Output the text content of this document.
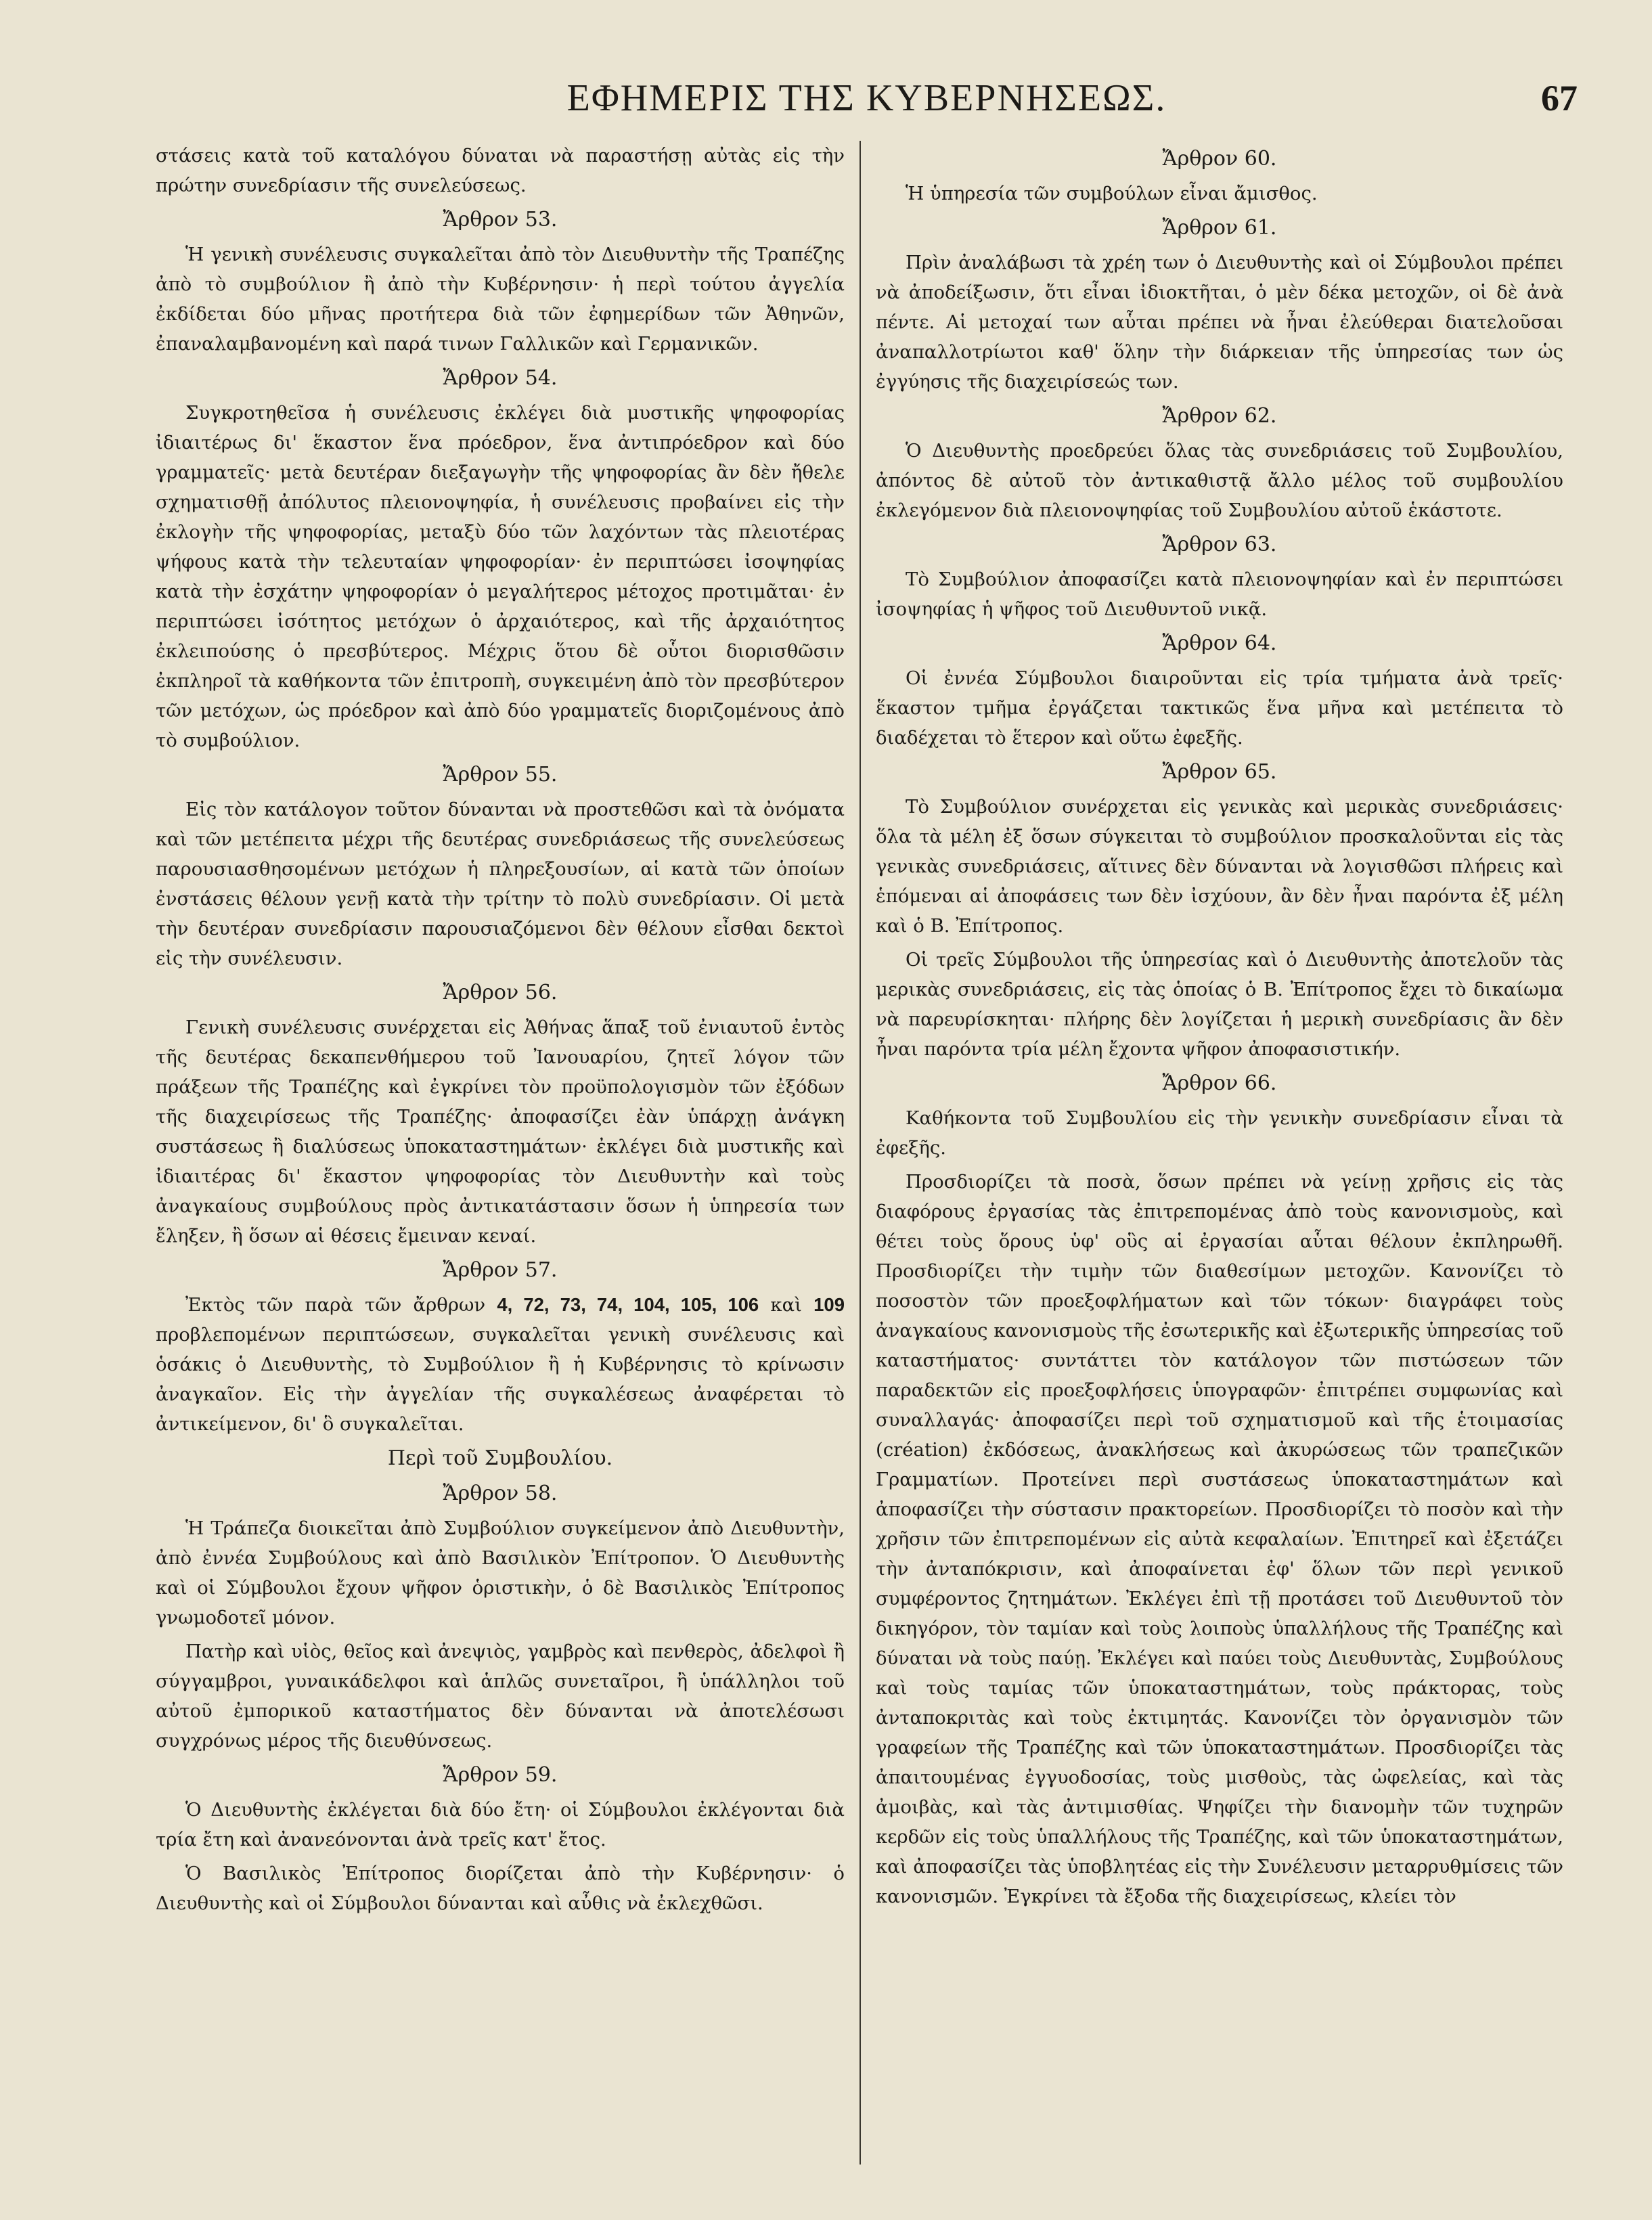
ΕΦΗΜΕΡΙΣ ΤΗΣ ΚΥΒΕΡΝΗΣΕΩΣ.	67

στάσεις κατὰ τοῦ καταλόγου δύναται νὰ παραστήσῃ αὐτὰς εἰς τὴν πρώτην συνεδρίασιν τῆς συνελεύσεως.

Ἄρθρον 53.

Ἡ γενικὴ συνέλευσις συγκαλεῖται ἀπὸ τὸν Διευθυντὴν τῆς Τραπέζης ἀπὸ τὸ συμβούλιον ἢ ἀπὸ τὴν Κυβέρνησιν· ἡ περὶ τούτου ἀγγελία ἐκδίδεται δύο μῆνας προτήτερα διὰ τῶν ἐφημερίδων τῶν Ἀθηνῶν, ἐπαναλαμβανομένη καὶ παρά τινων Γαλλικῶν καὶ Γερμανικῶν.

Ἄρθρον 54.

Συγκροτηθεῖσα ἡ συνέλευσις ἐκλέγει διὰ μυστικῆς ψηφοφορίας ἰδιαιτέρως δι' ἕκαστον ἕνα πρόεδρον, ἕνα ἀντιπρόεδρον καὶ δύο γραμματεῖς· μετὰ δευτέραν διεξαγωγὴν τῆς ψηφοφορίας ἂν δὲν ἤθελε σχηματισθῇ ἀπόλυτος πλειονοψηφία, ἡ συνέλευσις προβαίνει εἰς τὴν ἐκλογὴν τῆς ψηφοφορίας, μεταξὺ δύο τῶν λαχόντων τὰς πλειοτέρας ψήφους κατὰ τὴν τελευταίαν ψηφοφορίαν· ἐν περιπτώσει ἰσοψηφίας κατὰ τὴν ἐσχάτην ψηφοφορίαν ὁ μεγαλήτερος μέτοχος προτιμᾶται· ἐν περιπτώσει ἰσότητος μετόχων ὁ ἀρχαιότερος, καὶ τῆς ἀρχαιότητος ἐκλειπούσης ὁ πρεσβύτερος. Μέχρις ὅτου δὲ οὗτοι διορισθῶσιν ἐκπληροῖ τὰ καθήκοντα τῶν ἐπιτροπὴ, συγκειμένη ἀπὸ τὸν πρεσβύτερον τῶν μετόχων, ὡς πρόεδρον καὶ ἀπὸ δύο γραμματεῖς διοριζομένους ἀπὸ τὸ συμβούλιον.

Ἄρθρον 55.

Εἰς τὸν κατάλογον τοῦτον δύνανται νὰ προστεθῶσι καὶ τὰ ὀνόματα καὶ τῶν μετέπειτα μέχρι τῆς δευτέρας συνεδριάσεως τῆς συνελεύσεως παρουσιασθησομένων μετόχων ἡ πληρεξουσίων, αἱ κατὰ τῶν ὁποίων ἐνστάσεις θέλουν γενῇ κατὰ τὴν τρίτην τὸ πολὺ συνεδρίασιν. Οἱ μετὰ τὴν δευτέραν συνεδρίασιν παρουσιαζόμενοι δὲν θέλουν εἶσθαι δεκτοὶ εἰς τὴν συνέλευσιν.

Ἄρθρον 56.

Γενικὴ συνέλευσις συνέρχεται εἰς Ἀθήνας ἅπαξ τοῦ ἐνιαυτοῦ ἐντὸς τῆς δευτέρας δεκαπενθήμερου τοῦ Ἰανουαρίου, ζητεῖ λόγον τῶν πράξεων τῆς Τραπέζης καὶ ἐγκρίνει τὸν προϋπολογισμὸν τῶν ἐξόδων τῆς διαχειρίσεως τῆς Τραπέζης· ἀποφασίζει ἐὰν ὑπάρχῃ ἀνάγκη συστάσεως ἢ διαλύσεως ὑποκαταστημάτων· ἐκλέγει διὰ μυστικῆς καὶ ἰδιαιτέρας δι' ἕκαστον ψηφοφορίας τὸν Διευθυντὴν καὶ τοὺς ἀναγκαίους συμβούλους πρὸς ἀντικατάστασιν ὅσων ἡ ὑπηρεσία των ἔληξεν, ἢ ὅσων αἱ θέσεις ἔμειναν κεναί.

Ἄρθρον 57.

Ἐκτὸς τῶν παρὰ τῶν ἄρθρων 4, 72, 73, 74, 104, 105, 106 καὶ 109 προβλεπομένων περιπτώσεων, συγκαλεῖται γενικὴ συνέλευσις καὶ ὁσάκις ὁ Διευθυντὴς, τὸ Συμβούλιον ἢ ἡ Κυβέρνησις τὸ κρίνωσιν ἀναγκαῖον. Εἰς τὴν ἀγγελίαν τῆς συγκαλέσεως ἀναφέρεται τὸ ἀντικείμενον, δι' ὃ συγκαλεῖται.

Περὶ τοῦ Συμβουλίου.
Ἄρθρον 58.

Ἡ Τράπεζα διοικεῖται ἀπὸ Συμβούλιον συγκείμενον ἀπὸ Διευθυντὴν, ἀπὸ ἐννέα Συμβούλους καὶ ἀπὸ Βασιλικὸν Ἐπίτροπον. Ὁ Διευθυντὴς καὶ οἱ Σύμβουλοι ἔχουν ψῆφον ὁριστικὴν, ὁ δὲ Βασιλικὸς Ἐπίτροπος γνωμοδοτεῖ μόνον.

Πατὴρ καὶ υἱὸς, θεῖος καὶ ἀνεψιὸς, γαμβρὸς καὶ πενθερὸς, ἀδελφοὶ ἢ σύγγαμβροι, γυναικάδελφοι καὶ ἁπλῶς συνεταῖροι, ἢ ὑπάλληλοι τοῦ αὐτοῦ ἐμπορικοῦ καταστήματος δὲν δύνανται νὰ ἀποτελέσωσι συγχρόνως μέρος τῆς διευθύνσεως.

Ἄρθρον 59.

Ὁ Διευθυντὴς ἐκλέγεται διὰ δύο ἔτη· οἱ Σύμβουλοι ἐκλέγονται διὰ τρία ἔτη καὶ ἀνανεόνονται ἀνὰ τρεῖς κατ' ἔτος.

Ὁ Βασιλικὸς Ἐπίτροπος διορίζεται ἀπὸ τὴν Κυβέρνησιν· ὁ Διευθυντὴς καὶ οἱ Σύμβουλοι δύνανται καὶ αὖθις νὰ ἐκλεχθῶσι.

Ἄρθρον 60.

Ἡ ὑπηρεσία τῶν συμβούλων εἶναι ἄμισθος.

Ἄρθρον 61.

Πρὶν ἀναλάβωσι τὰ χρέη των ὁ Διευθυντὴς καὶ οἱ Σύμβουλοι πρέπει νὰ ἀποδείξωσιν, ὅτι εἶναι ἰδιοκτῆται, ὁ μὲν δέκα μετοχῶν, οἱ δὲ ἀνὰ πέντε. Αἱ μετοχαί των αὗται πρέπει νὰ ἦναι ἐλεύθεραι διατελοῦσαι ἀναπαλλοτρίωτοι καθ' ὅλην τὴν διάρκειαν τῆς ὑπηρεσίας των ὡς ἐγγύησις τῆς διαχειρίσεώς των.

Ἄρθρον 62.

Ὁ Διευθυντὴς προεδρεύει ὅλας τὰς συνεδριάσεις τοῦ Συμβουλίου, ἀπόντος δὲ αὐτοῦ τὸν ἀντικαθιστᾷ ἄλλο μέλος τοῦ συμβουλίου ἐκλεγόμενον διὰ πλειονοψηφίας τοῦ Συμβουλίου αὐτοῦ ἑκάστοτε.

Ἄρθρον 63.

Τὸ Συμβούλιον ἀποφασίζει κατὰ πλειονοψηφίαν καὶ ἐν περιπτώσει ἰσοψηφίας ἡ ψῆφος τοῦ Διευθυντοῦ νικᾷ.

Ἄρθρον 64.

Οἱ ἐννέα Σύμβουλοι διαιροῦνται εἰς τρία τμήματα ἀνὰ τρεῖς· ἕκαστον τμῆμα ἐργάζεται τακτικῶς ἕνα μῆνα καὶ μετέπειτα τὸ διαδέχεται τὸ ἕτερον καὶ οὕτω ἐφεξῆς.

Ἄρθρον 65.

Τὸ Συμβούλιον συνέρχεται εἰς γενικὰς καὶ μερικὰς συνεδριάσεις· ὅλα τὰ μέλη ἐξ ὅσων σύγκειται τὸ συμβούλιον προσκαλοῦνται εἰς τὰς γενικὰς συνεδριάσεις, αἵτινες δὲν δύνανται νὰ λογισθῶσι πλήρεις καὶ ἑπόμεναι αἱ ἀποφάσεις των δὲν ἰσχύουν, ἂν δὲν ἦναι παρόντα ἐξ μέλη καὶ ὁ Β. Ἐπίτροπος.

Οἱ τρεῖς Σύμβουλοι τῆς ὑπηρεσίας καὶ ὁ Διευθυντὴς ἀποτελοῦν τὰς μερικὰς συνεδριάσεις, εἰς τὰς ὁποίας ὁ Β. Ἐπίτροπος ἔχει τὸ δικαίωμα νὰ παρευρίσκηται· πλήρης δὲν λογίζεται ἡ μερικὴ συνεδρίασις ἂν δὲν ἦναι παρόντα τρία μέλη ἔχοντα ψῆφον ἀποφασιστικήν.

Ἄρθρον 66.

Καθήκοντα τοῦ Συμβουλίου εἰς τὴν γενικὴν συνεδρίασιν εἶναι τὰ ἐφεξῆς.

Προσδιορίζει τὰ ποσὰ, ὅσων πρέπει νὰ γείνῃ χρῆσις εἰς τὰς διαφόρους ἐργασίας τὰς ἐπιτρεπομένας ἀπὸ τοὺς κανονισμοὺς, καὶ θέτει τοὺς ὅρους ὑφ' οὓς αἱ ἐργασίαι αὗται θέλουν ἐκπληρωθῆ. Προσδιορίζει τὴν τιμὴν τῶν διαθεσίμων μετοχῶν. Κανονίζει τὸ ποσοστὸν τῶν προεξοφλήματων καὶ τῶν τόκων· διαγράφει τοὺς ἀναγκαίους κανονισμοὺς τῆς ἐσωτερικῆς καὶ ἐξωτερικῆς ὑπηρεσίας τοῦ καταστήματος· συντάττει τὸν κατάλογον τῶν πιστώσεων τῶν παραδεκτῶν εἰς προεξοφλήσεις ὑπογραφῶν· ἐπιτρέπει συμφωνίας καὶ συναλλαγάς· ἀποφασίζει περὶ τοῦ σχηματισμοῦ καὶ τῆς ἑτοιμασίας (création) ἐκδόσεως, ἀνακλήσεως καὶ ἀκυρώσεως τῶν τραπεζικῶν Γραμματίων. Προτείνει περὶ συστάσεως ὑποκαταστημάτων καὶ ἀποφασίζει τὴν σύστασιν πρακτορείων. Προσδιορίζει τὸ ποσὸν καὶ τὴν χρῆσιν τῶν ἐπιτρεπομένων εἰς αὐτὰ κεφαλαίων. Ἐπιτηρεῖ καὶ ἐξετάζει τὴν ἀνταπόκρισιν, καὶ ἀποφαίνεται ἐφ' ὅλων τῶν περὶ γενικοῦ συμφέροντος ζητημάτων. Ἐκλέγει ἐπὶ τῇ προτάσει τοῦ Διευθυντοῦ τὸν δικηγόρον, τὸν ταμίαν καὶ τοὺς λοιποὺς ὑπαλλήλους τῆς Τραπέζης καὶ δύναται νὰ τοὺς παύῃ. Ἐκλέγει καὶ παύει τοὺς Διευθυντὰς, Συμβούλους καὶ τοὺς ταμίας τῶν ὑποκαταστημάτων, τοὺς πράκτορας, τοὺς ἀνταποκριτὰς καὶ τοὺς ἐκτιμητάς. Κανονίζει τὸν ὀργανισμὸν τῶν γραφείων τῆς Τραπέζης καὶ τῶν ὑποκαταστημάτων. Προσδιορίζει τὰς ἀπαιτουμένας ἐγγυοδοσίας, τοὺς μισθοὺς, τὰς ὠφελείας, καὶ τὰς ἀμοιβὰς, καὶ τὰς ἀντιμισθίας. Ψηφίζει τὴν διανομὴν τῶν τυχηρῶν κερδῶν εἰς τοὺς ὑπαλλήλους τῆς Τραπέζης, καὶ τῶν ὑποκαταστημάτων, καὶ ἀποφασίζει τὰς ὑποβλητέας εἰς τὴν Συνέλευσιν μεταρρυθμίσεις τῶν κανονισμῶν. Ἐγκρίνει τὰ ἔξοδα τῆς διαχειρίσεως, κλείει τὸν
